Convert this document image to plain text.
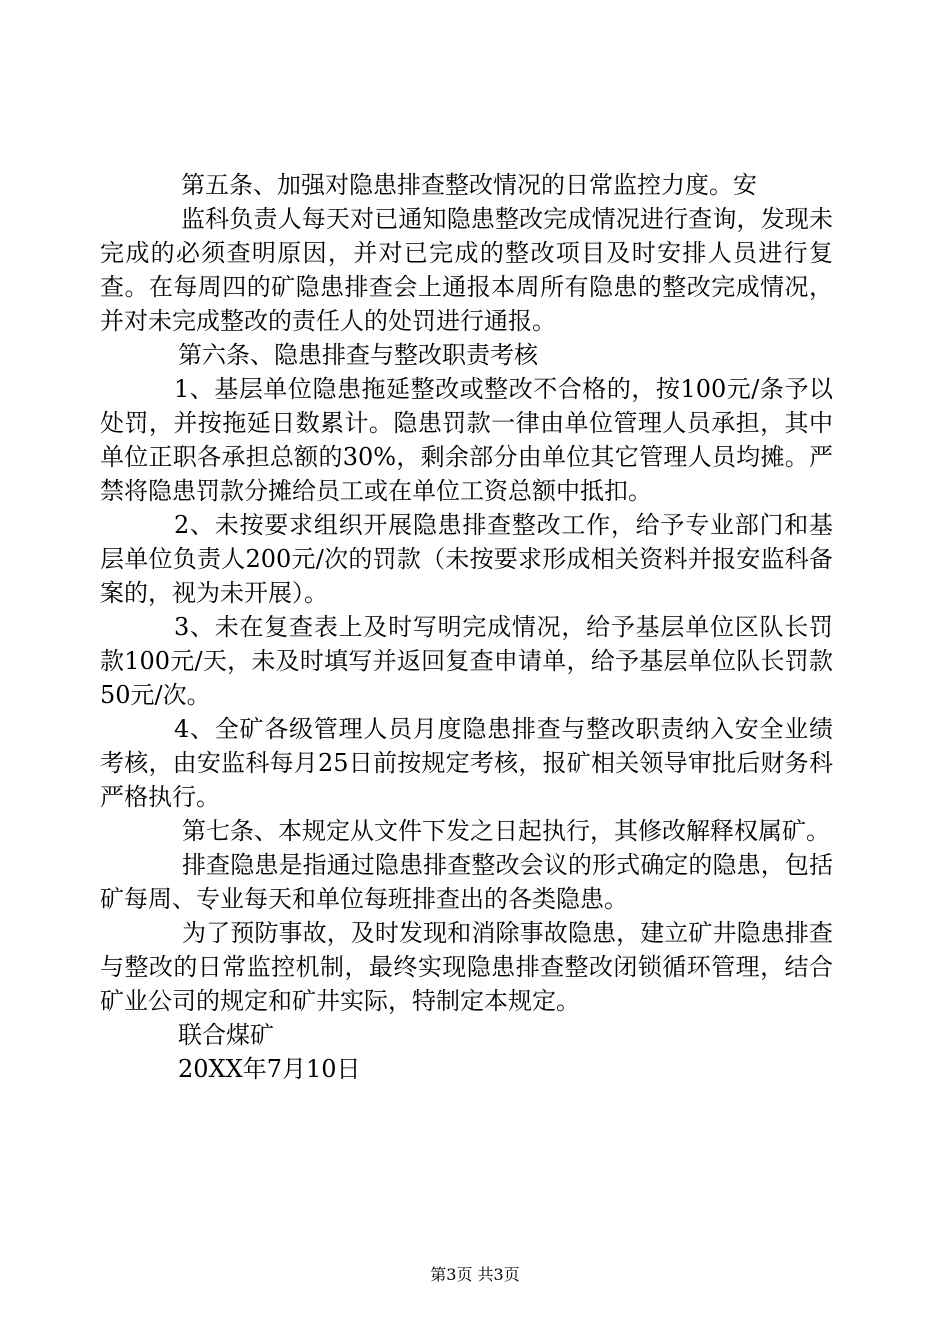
第五条、加强对隐患排查整改情况的日常监控力度。安

监科负责人每天对已通知隐患整改完成情况进行查询，发现未完成的必须查明原因，并对已完成的整改项目及时安排人员进行复查。在每周四的矿隐患排查会上通报本周所有隐患的整改完成情况，并对未完成整改的责任人的处罚进行通报。

第六条、隐患排查与整改职责考核

1、基层单位隐患拖延整改或整改不合格的，按100元/条予以处罚，并按拖延日数累计。隐患罚款一律由单位管理人员承担，其中单位正职各承担总额的30%，剩余部分由单位其它管理人员均摊。严禁将隐患罚款分摊给员工或在单位工资总额中抵扣。

2、未按要求组织开展隐患排查整改工作，给予专业部门和基层单位负责人200元/次的罚款（未按要求形成相关资料并报安监科备案的，视为未开展）。

3、未在复查表上及时写明完成情况，给予基层单位区队长罚款100元/天，未及时填写并返回复查申请单，给予基层单位队长罚款50元/次。

4、全矿各级管理人员月度隐患排查与整改职责纳入安全业绩考核，由安监科每月25日前按规定考核，报矿相关领导审批后财务科严格执行。

第七条、本规定从文件下发之日起执行，其修改解释权属矿。

排查隐患是指通过隐患排查整改会议的形式确定的隐患，包括矿每周、专业每天和单位每班排查出的各类隐患。

为了预防事故，及时发现和消除事故隐患，建立矿井隐患排查与整改的日常监控机制，最终实现隐患排查整改闭锁循环管理，结合矿业公司的规定和矿井实际，特制定本规定。

联合煤矿

20XX年7月10日

第3页 共3页
